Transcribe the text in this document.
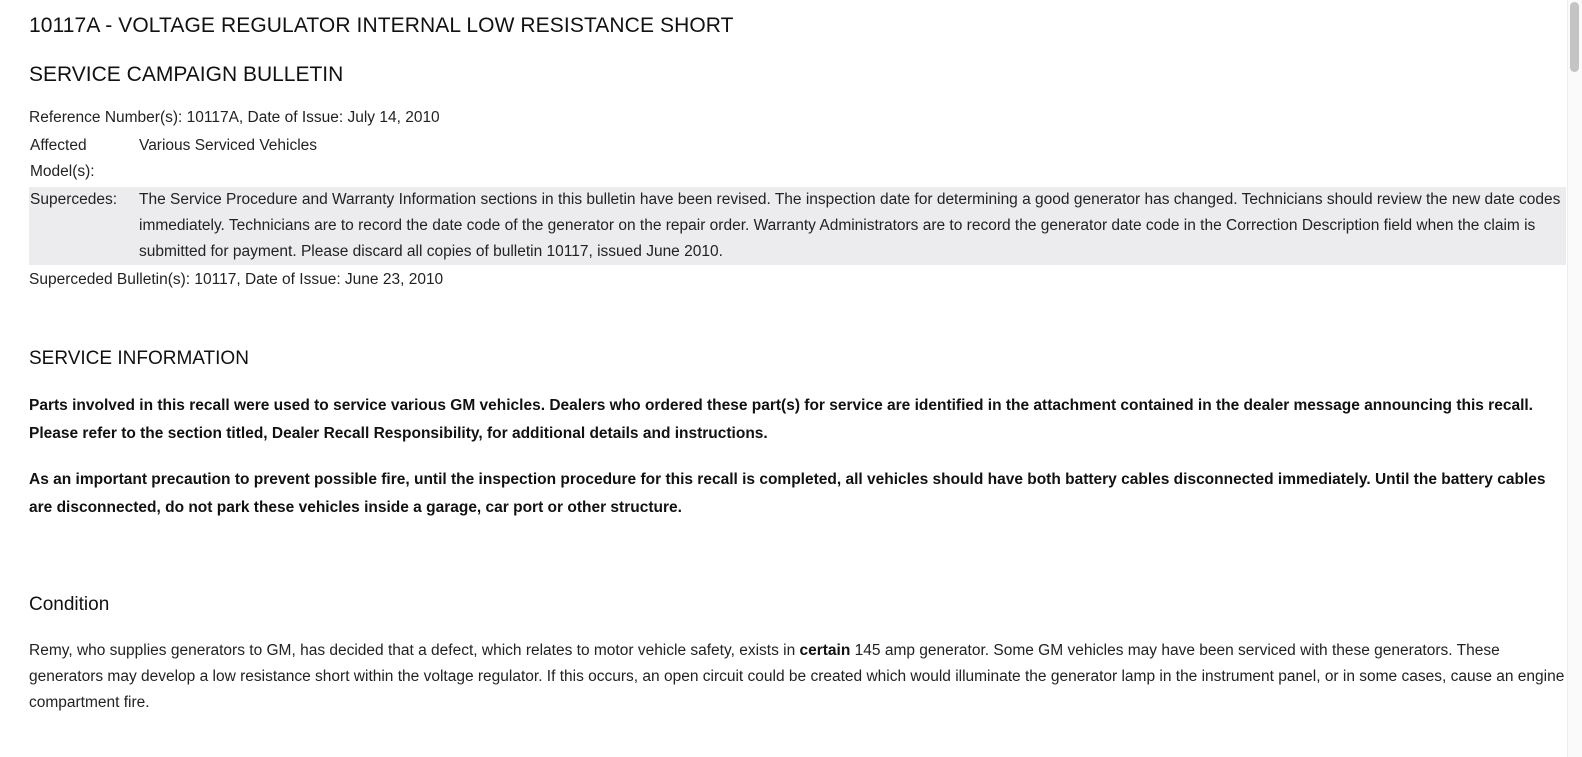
10117A - VOLTAGE REGULATOR INTERNAL LOW RESISTANCE SHORT
SERVICE CAMPAIGN BULLETIN
Reference Number(s): 10117A, Date of Issue: July 14, 2010
Affected Model(s):	Various Serviced Vehicles
Supercedes:	The Service Procedure and Warranty Information sections in this bulletin have been revised. The inspection date for determining a good generator has changed. Technicians should review the new date codes immediately. Technicians are to record the date code of the generator on the repair order. Warranty Administrators are to record the generator date code in the Correction Description field when the claim is submitted for payment. Please discard all copies of bulletin 10117, issued June 2010.
Superceded Bulletin(s): 10117, Date of Issue: June 23, 2010
SERVICE INFORMATION

Parts involved in this recall were used to service various GM vehicles. Dealers who ordered these part(s) for service are identified in the attachment contained in the dealer message announcing this recall. Please refer to the section titled, Dealer Recall Responsibility, for additional details and instructions.

As an important precaution to prevent possible fire, until the inspection procedure for this recall is completed, all vehicles should have both battery cables disconnected immediately. Until the battery cables are disconnected, do not park these vehicles inside a garage, car port or other structure.

Condition

Remy, who supplies generators to GM, has decided that a defect, which relates to motor vehicle safety, exists in certain 145 amp generator. Some GM vehicles may have been serviced with these generators. These generators may develop a low resistance short within the voltage regulator. If this occurs, an open circuit could be created which would illuminate the generator lamp in the instrument panel, or in some cases, cause an engine compartment fire.
